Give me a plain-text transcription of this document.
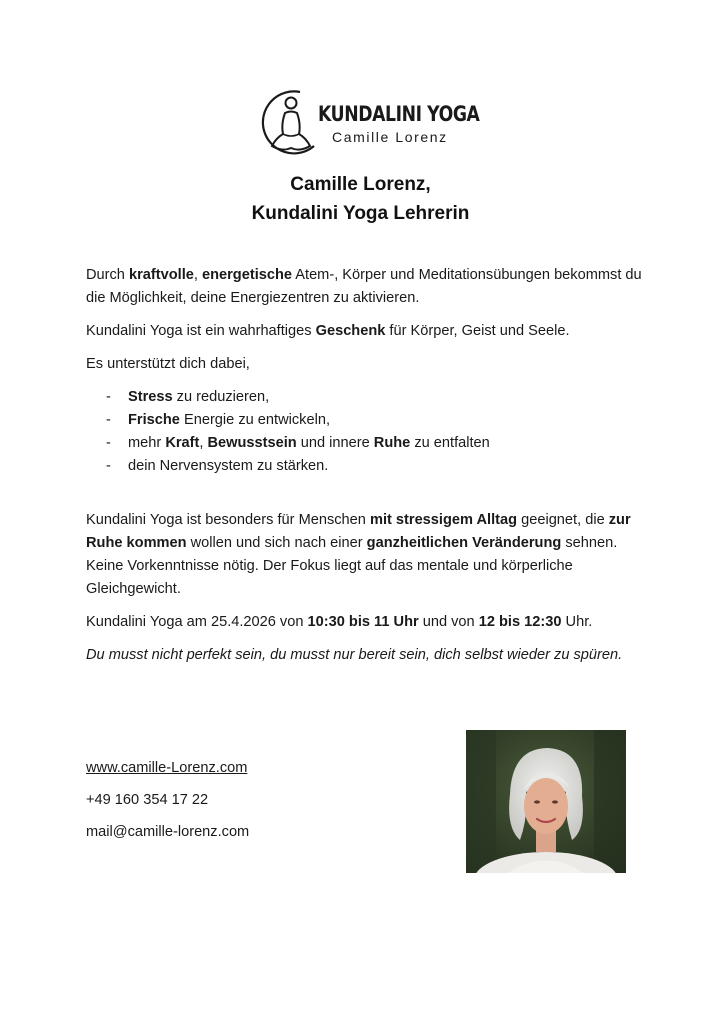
KUNDALINI YOGA
Camille Lorenz
Camille Lorenz,
Kundalini Yoga Lehrerin

Durch kraftvolle, energetische Atem-, Körper und Meditationsübungen bekommst du die Möglichkeit, deine Energiezentren zu aktivieren.

Kundalini Yoga ist ein wahrhaftiges Geschenk für Körper, Geist und Seele.

Es unterstützt dich dabei,

- Stress zu reduzieren,
- Frische Energie zu entwickeln,
- mehr Kraft, Bewusstsein und innere Ruhe zu entfalten
- dein Nervensystem zu stärken.

Kundalini Yoga ist besonders für Menschen mit stressigem Alltag geeignet, die zur Ruhe kommen wollen und sich nach einer ganzheitlichen Veränderung sehnen. Keine Vorkenntnisse nötig. Der Fokus liegt auf das mentale und körperliche Gleichgewicht.

Kundalini Yoga am 25.4.2026 von 10:30 bis 11 Uhr und von 12 bis 12:30 Uhr.

Du musst nicht perfekt sein, du musst nur bereit sein, dich selbst wieder zu spüren.

www.camille-Lorenz.com
+49 160 354 17 22
mail@camille-lorenz.com
